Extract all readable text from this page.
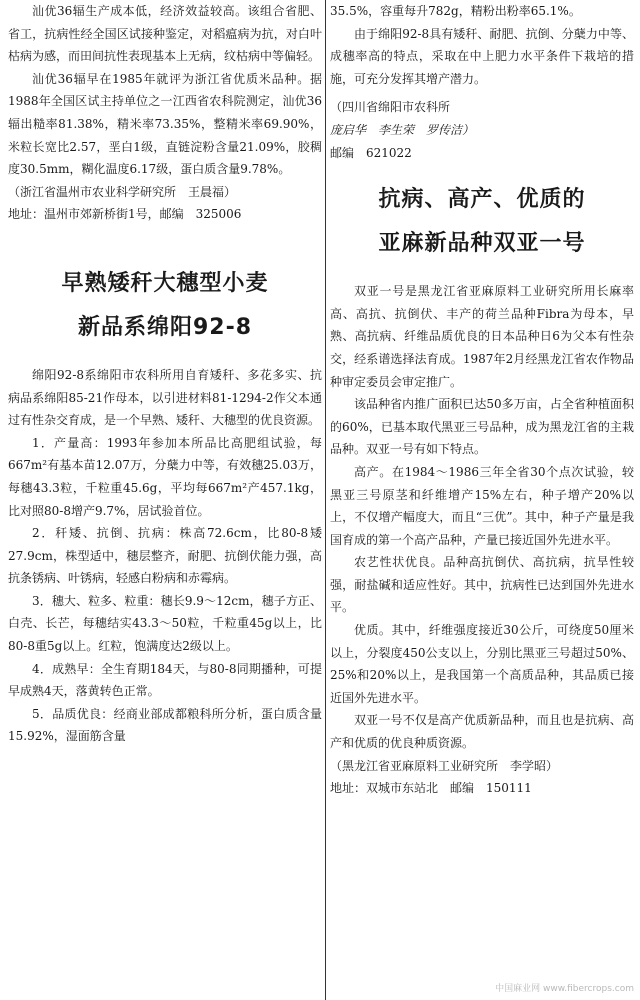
汕优36辐生产成本低，经济效益较高。该组合省肥、省工，抗病性经全国区试接种鉴定，对稻瘟病为抗，对白叶枯病为感，而田间抗性表现基本上无病，纹枯病中等偏轻。

汕优36辐早在1985年就评为浙江省优质米品种。据1988年全国区试主持单位之一江西省农科院测定，汕优36辐出糙率81.38%，精米率73.35%，整精米率69.90%，米粒长宽比2.57，垩白1级，直链淀粉含量21.09%，胶稠度30.5mm，糊化温度6.17级，蛋白质含量9.78%。

（浙江省温州市农业科学研究所　王晨福）

地址：温州市郊新桥街1号，邮编　325006

早熟矮秆大穗型小麦
新品系绵阳92-8

绵阳92-8系绵阳市农科所用自育矮秆、多花多实、抗病品系绵阳85-21作母本，以引进材料81-1294-2作父本通过有性杂交育成，是一个早熟、矮秆、大穗型的优良资源。

1．产量高：1993年参加本所品比高肥组试验，每667m²有基本苗12.07万，分蘖力中等，有效穗25.03万，每穗43.3粒，千粒重45.6g，平均每667m²产457.1kg，比对照80-8增产9.7%，居试验首位。

2．秆矮、抗倒、抗病：株高72.6cm，比80-8矮27.9cm，株型适中，穗层整齐，耐肥、抗倒伏能力强，高抗条锈病、叶锈病，轻感白粉病和赤霉病。

3．穗大、粒多、粒重：穗长9.9～12cm，穗子方正、白壳、长芒，每穗结实43.3～50粒，千粒重45g以上，比80-8重5g以上。红粒，饱满度达2级以上。

4．成熟早：全生育期184天，与80-8同期播种，可提早成熟4天，落黄转色正常。

5．品质优良：经商业部成都粮科所分析，蛋白质含量15.92%，湿面筋含量

35.5%，容重每升782g，精粉出粉率65.1%。

由于绵阳92-8具有矮秆、耐肥、抗倒、分蘖力中等、成穗率高的特点，采取在中上肥力水平条件下栽培的措施，可充分发挥其增产潜力。

（四川省绵阳市农科所

庞启华　李生荣　罗传洁）

邮编　621022

抗病、高产、优质的
亚麻新品种双亚一号

双亚一号是黑龙江省亚麻原料工业研究所用长麻率高、高抗、抗倒伏、丰产的荷兰品种Fibra为母本，早熟、高抗病、纤维品质优良的日本品种日6为父本有性杂交，经系谱选择法育成。1987年2月经黑龙江省农作物品种审定委员会审定推广。

该品种省内推广面积已达50多万亩，占全省种植面积的60%，已基本取代黑亚三号品种，成为黑龙江省的主栽品种。双亚一号有如下特点。

高产。在1984～1986三年全省30个点次试验，较黑亚三号原茎和纤维增产15%左右，种子增产20%以上，不仅增产幅度大，而且“三优”。其中，种子产量是我国育成的第一个高产品种，产量已接近国外先进水平。

农艺性状优良。品种高抗倒伏、高抗病，抗旱性较强，耐盐碱和适应性好。其中，抗病性已达到国外先进水平。

优质。其中，纤维强度接近30公斤，可绕度50厘米以上，分裂度450公支以上，分别比黑亚三号超过50%、25%和20%以上，是我国第一个高质品种，其品质已接近国外先进水平。

双亚一号不仅是高产优质新品种，而且也是抗病、高产和优质的优良种质资源。

（黑龙江省亚麻原料工业研究所　李学昭）

地址：双城市东站北　邮编　150111

中国麻业网 www.fibercrops.com
